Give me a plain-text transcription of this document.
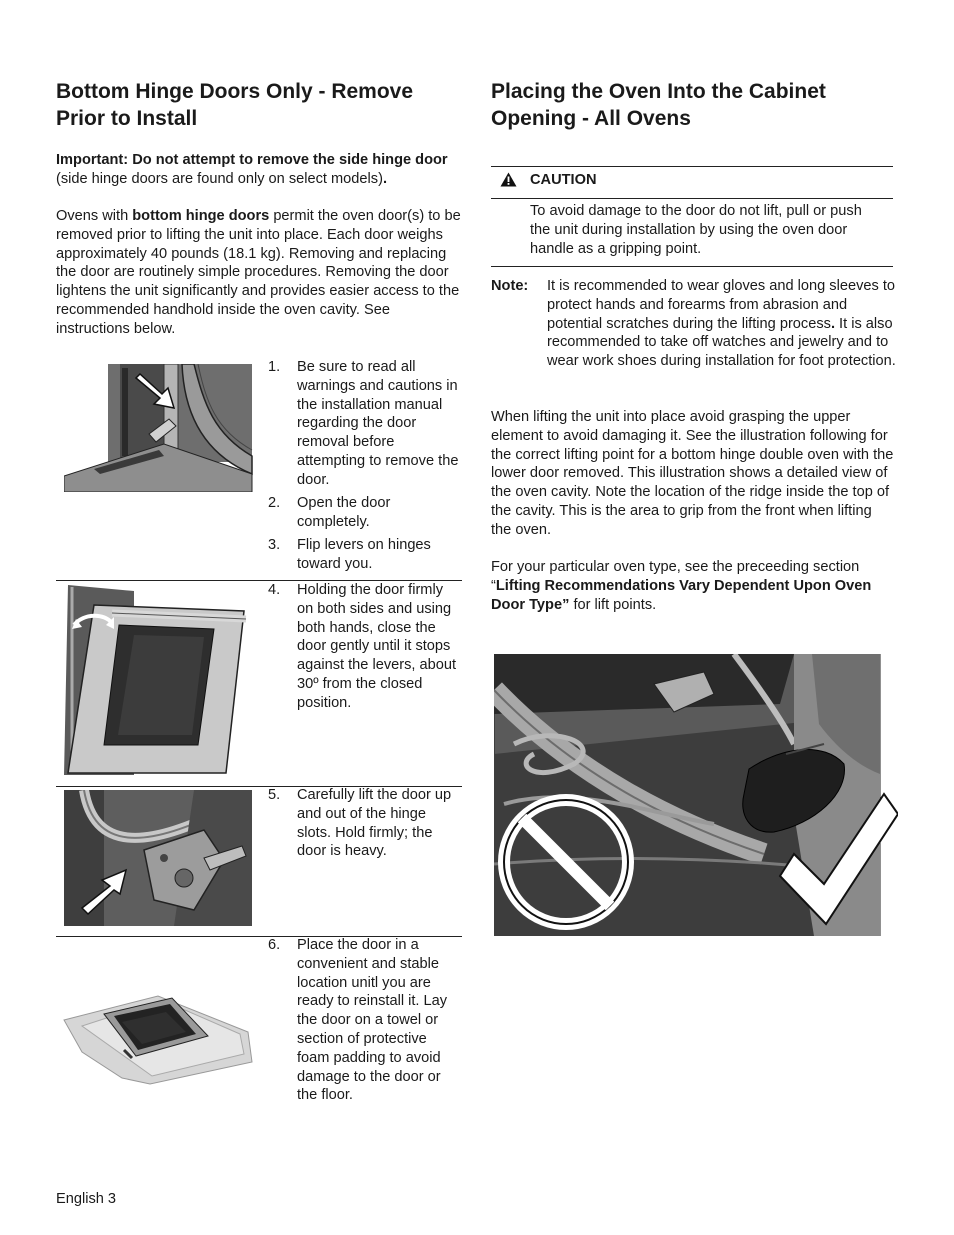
Bottom Hinge Doors Only - Remove Prior to Install

Important: Do not attempt to remove the side hinge door (side hinge doors are found only on select models).

Ovens with bottom hinge doors permit the oven door(s) to be removed prior to lifting the unit into place. Each door weighs approximately 40 pounds (18.1 kg). Removing and replacing the door are routinely simple procedures. Removing the door lightens the unit significantly and provides easier access to the recommended handhold inside the oven cavity. See instructions below.

1.	Be sure to read all warnings and cautions in the installation manual regarding the door removal before attempting to remove the door.
2.	Open the door completely.
3.	Flip levers on hinges toward you.
4.	Holding the door firmly on both sides and using both hands, close the door gently until it stops against the levers, about 30º from the closed position.
5.	Carefully lift the door up and out of the hinge slots. Hold firmly; the door is heavy.
6.	Place the door in a convenient and stable location unitl you are ready to reinstall it. Lay the door on a towel or section of protective foam padding to avoid damage to the door or the floor.
Placing the Oven Into the Cabinet Opening - All Ovens
CAUTION

To avoid damage to the door do not lift, pull or push the unit during installation by using the oven door handle as a gripping point.

Note: It is recommended to wear gloves and long sleeves to protect hands and forearms from abrasion and potential scratches during the lifting process. It is also recommended to take off watches and jewelry and to wear work shoes during installation for foot protection.

When lifting the unit into place avoid grasping the upper element to avoid damaging it. See the illustration following for the correct lifting point for a bottom hinge double oven with the lower door removed. This illustration shows a detailed view of the oven cavity. Note the location of the ridge inside the top of the cavity. This is the area to grip from the front when lifting the oven.

For your particular oven type, see the preceeding section “Lifting Recommendations Vary Dependent Upon Oven Door Type” for lift points.

English 3
